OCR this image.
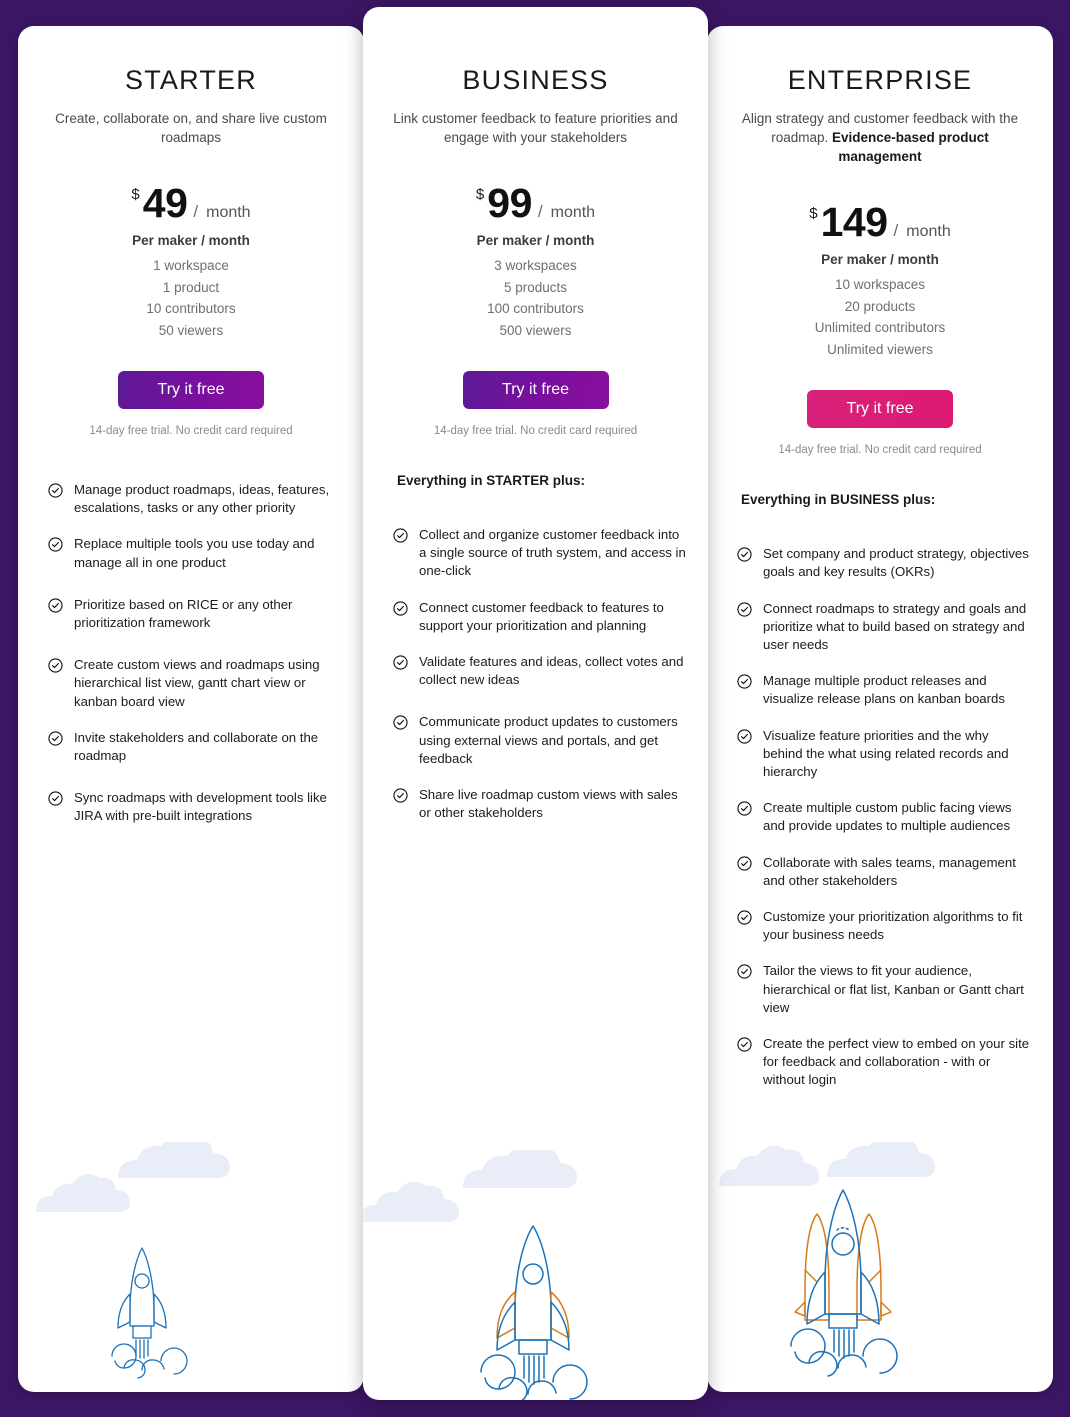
STARTER
Create, collaborate on, and share live custom roadmaps
$ 49 / month
Per maker / month
1 workspace
1 product
10 contributors
50 viewers
Try it free
14-day free trial. No credit card required
Manage product roadmaps, ideas, features, escalations, tasks or any other priority
Replace multiple tools you use today and manage all in one product
Prioritize based on RICE or any other prioritization framework
Create custom views and roadmaps using hierarchical list view, gantt chart view or kanban board view
Invite stakeholders and collaborate on the roadmap
Sync roadmaps with development tools like JIRA with pre-built integrations
BUSINESS
Link customer feedback to feature priorities and engage with your stakeholders
$ 99 / month
Per maker / month
3 workspaces
5 products
100 contributors
500 viewers
Try it free
14-day free trial. No credit card required
Everything in STARTER plus:
Collect and organize customer feedback into a single source of truth system, and access in one-click
Connect customer feedback to features to support your prioritization and planning
Validate features and ideas, collect votes and collect new ideas
Communicate product updates to customers using external views and portals, and get feedback
Share live roadmap custom views with sales or other stakeholders
ENTERPRISE
Align strategy and customer feedback with the roadmap. Evidence-based product management
$ 149 / month
Per maker / month
10 workspaces
20 products
Unlimited contributors
Unlimited viewers
Try it free
14-day free trial. No credit card required
Everything in BUSINESS plus:
Set company and product strategy, objectives goals and key results (OKRs)
Connect roadmaps to strategy and goals and prioritize what to build based on strategy and user needs
Manage multiple product releases and visualize release plans on kanban boards
Visualize feature priorities and the why behind the what using related records and hierarchy
Create multiple custom public facing views and provide updates to multiple audiences
Collaborate with sales teams, management and other stakeholders
Customize your prioritization algorithms to fit your business needs
Tailor the views to fit your audience, hierarchical or flat list, Kanban or Gantt chart view
Create the perfect view to embed on your site for feedback and collaboration - with or without login
